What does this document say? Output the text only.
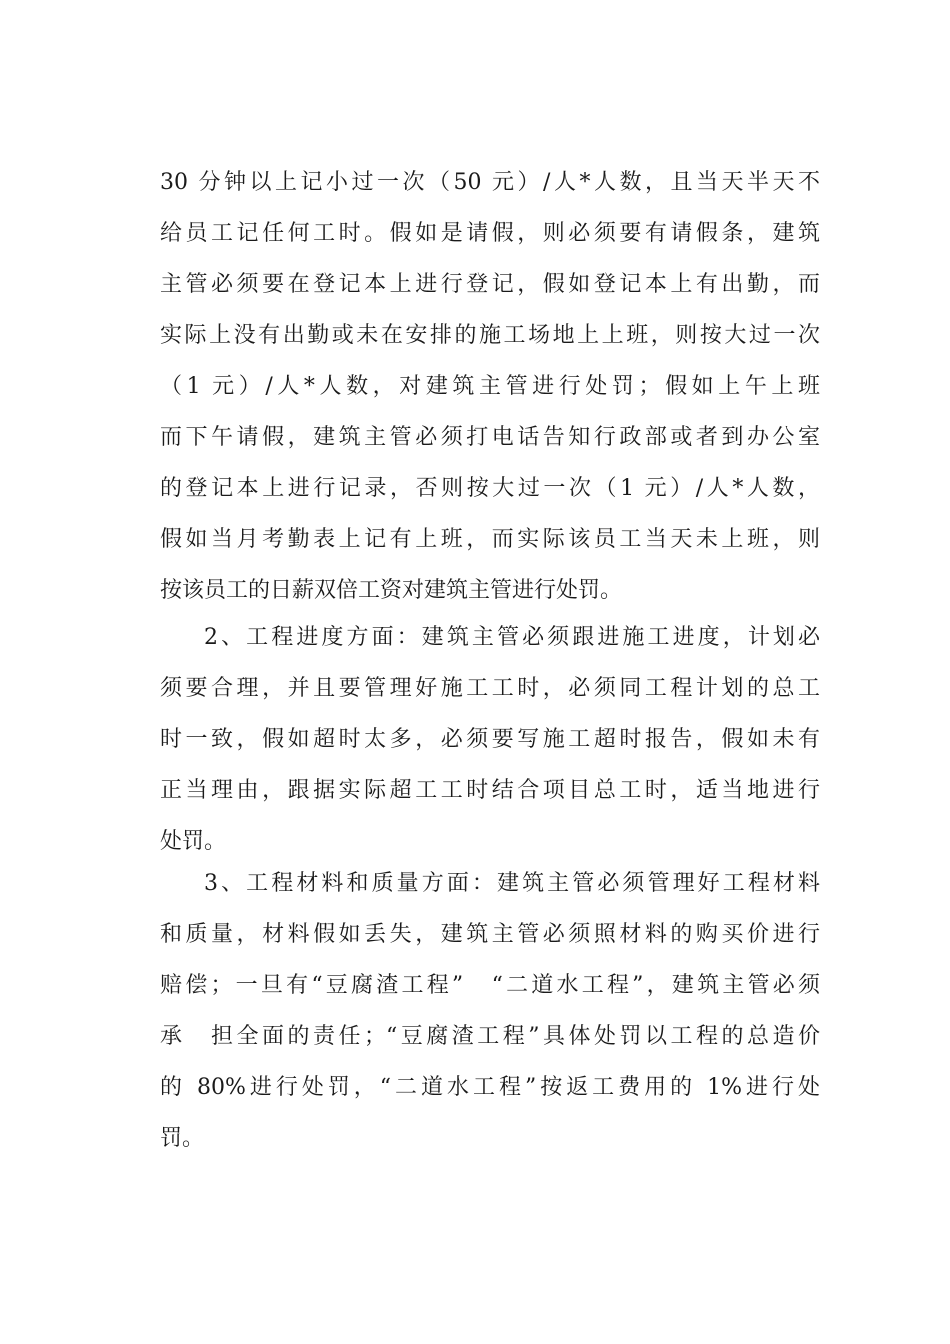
30 分钟以上记小过一次（50 元）/人*人数，且当天半天不
给员工记任何工时。假如是请假，则必须要有请假条，建筑
主管必须要在登记本上进行登记，假如登记本上有出勤，而
实际上没有出勤或未在安排的施工场地上上班，则按大过一次
（1 元）/人*人数，对建筑主管进行处罚；假如上午上班
而下午请假，建筑主管必须打电话告知行政部或者到办公室
的登记本上进行记录，否则按大过一次（1 元）/人*人数，
假如当月考勤表上记有上班，而实际该员工当天未上班，则
按该员工的日薪双倍工资对建筑主管进行处罚。
2、工程进度方面：建筑主管必须跟进施工进度，计划必
须要合理，并且要管理好施工工时，必须同工程计划的总工
时一致，假如超时太多，必须要写施工超时报告，假如未有
正当理由，跟据实际超工工时结合项目总工时，适当地进行
处罚。
3、工程材料和质量方面：建筑主管必须管理好工程材料
和质量，材料假如丢失，建筑主管必须照材料的购买价进行
赔偿；一旦有“豆腐渣工程”　“二道水工程”，建筑主管必须
承　担全面的责任；“豆腐渣工程”具体处罚以工程的总造价
的 80%进行处罚，“二道水工程”按返工费用的 1%进行处
罚。
